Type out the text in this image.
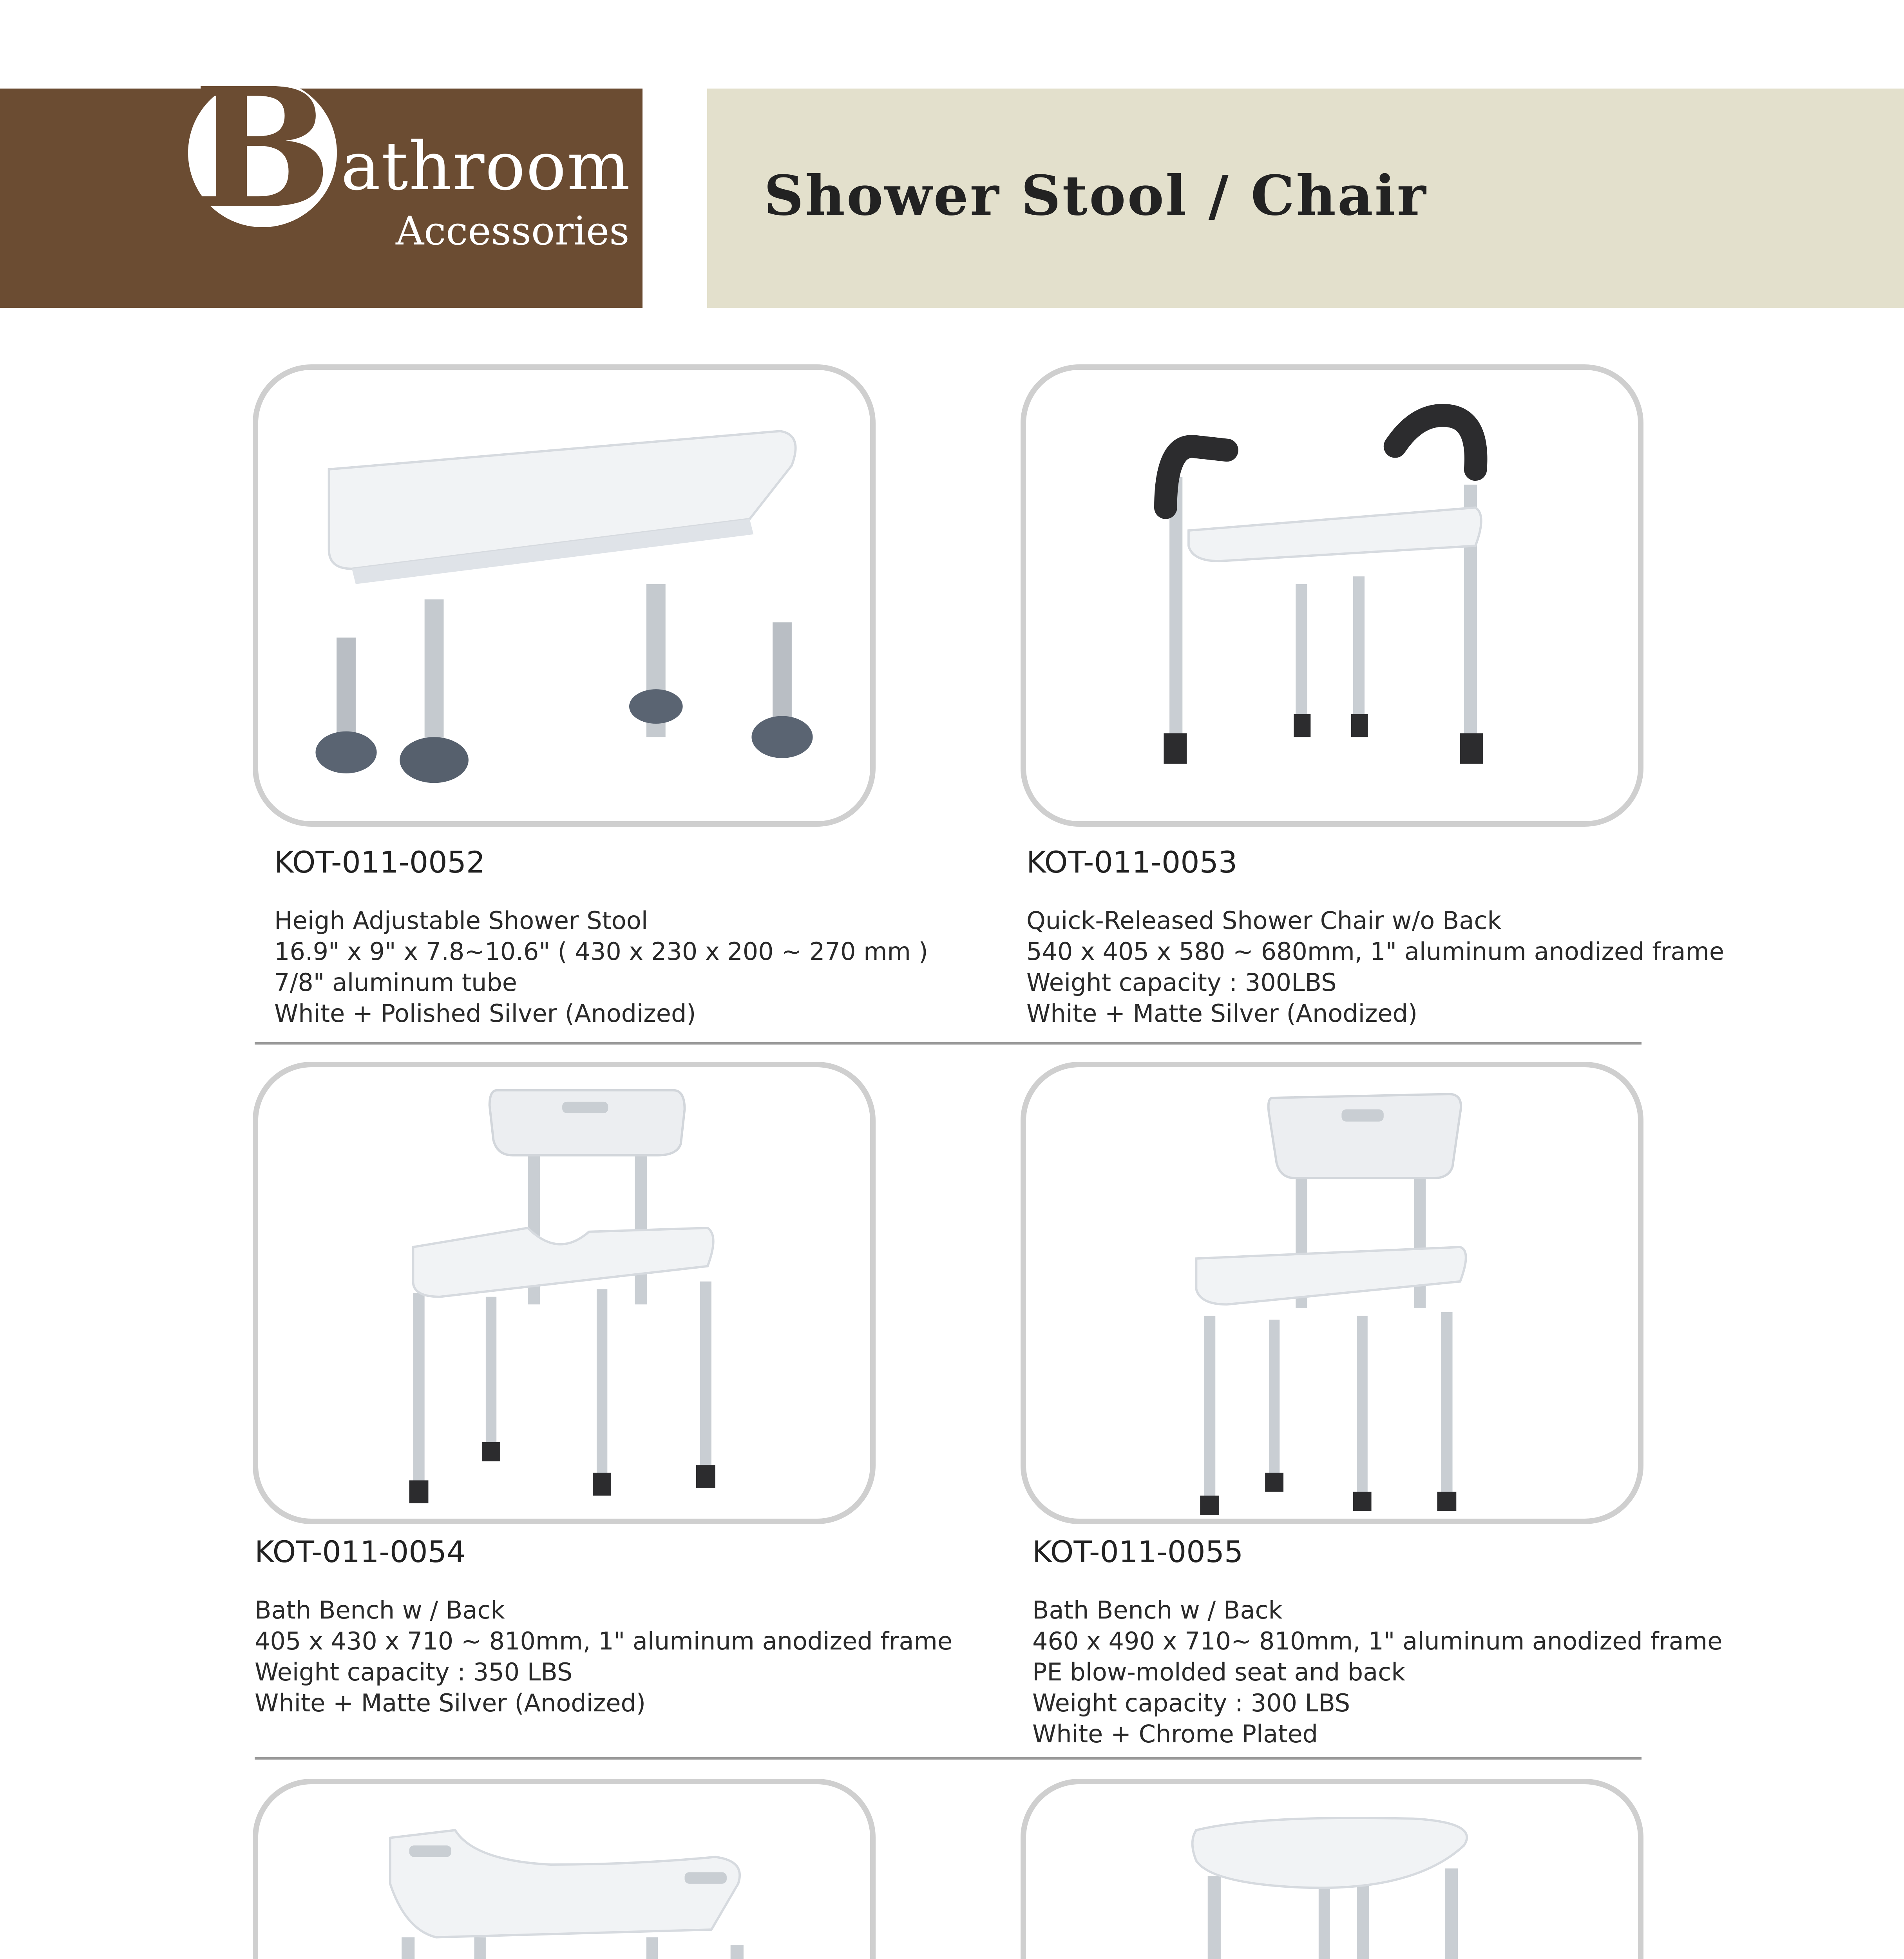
B athroom
Accessories
Shower Stool / Chair
KOT-011-0052
Heigh Adjustable Shower Stool
16.9" x 9" x 7.8~10.6" ( 430 x 230 x 200 ~ 270 mm )
7/8" aluminum tube
White + Polished Silver (Anodized)
KOT-011-0053
Quick-Released Shower Chair w/o Back
540 x 405 x 580 ~ 680mm, 1" aluminum anodized frame
Weight capacity : 300LBS
White + Matte Silver (Anodized)
KOT-011-0054
Bath Bench w / Back
405 x 430 x 710 ~ 810mm, 1" aluminum anodized frame
Weight capacity : 350 LBS
White + Matte Silver (Anodized)
KOT-011-0055
Bath Bench w / Back
460 x 490 x 710~ 810mm, 1" aluminum anodized frame
PE blow-molded seat and back
Weight capacity : 300 LBS
White + Chrome Plated
